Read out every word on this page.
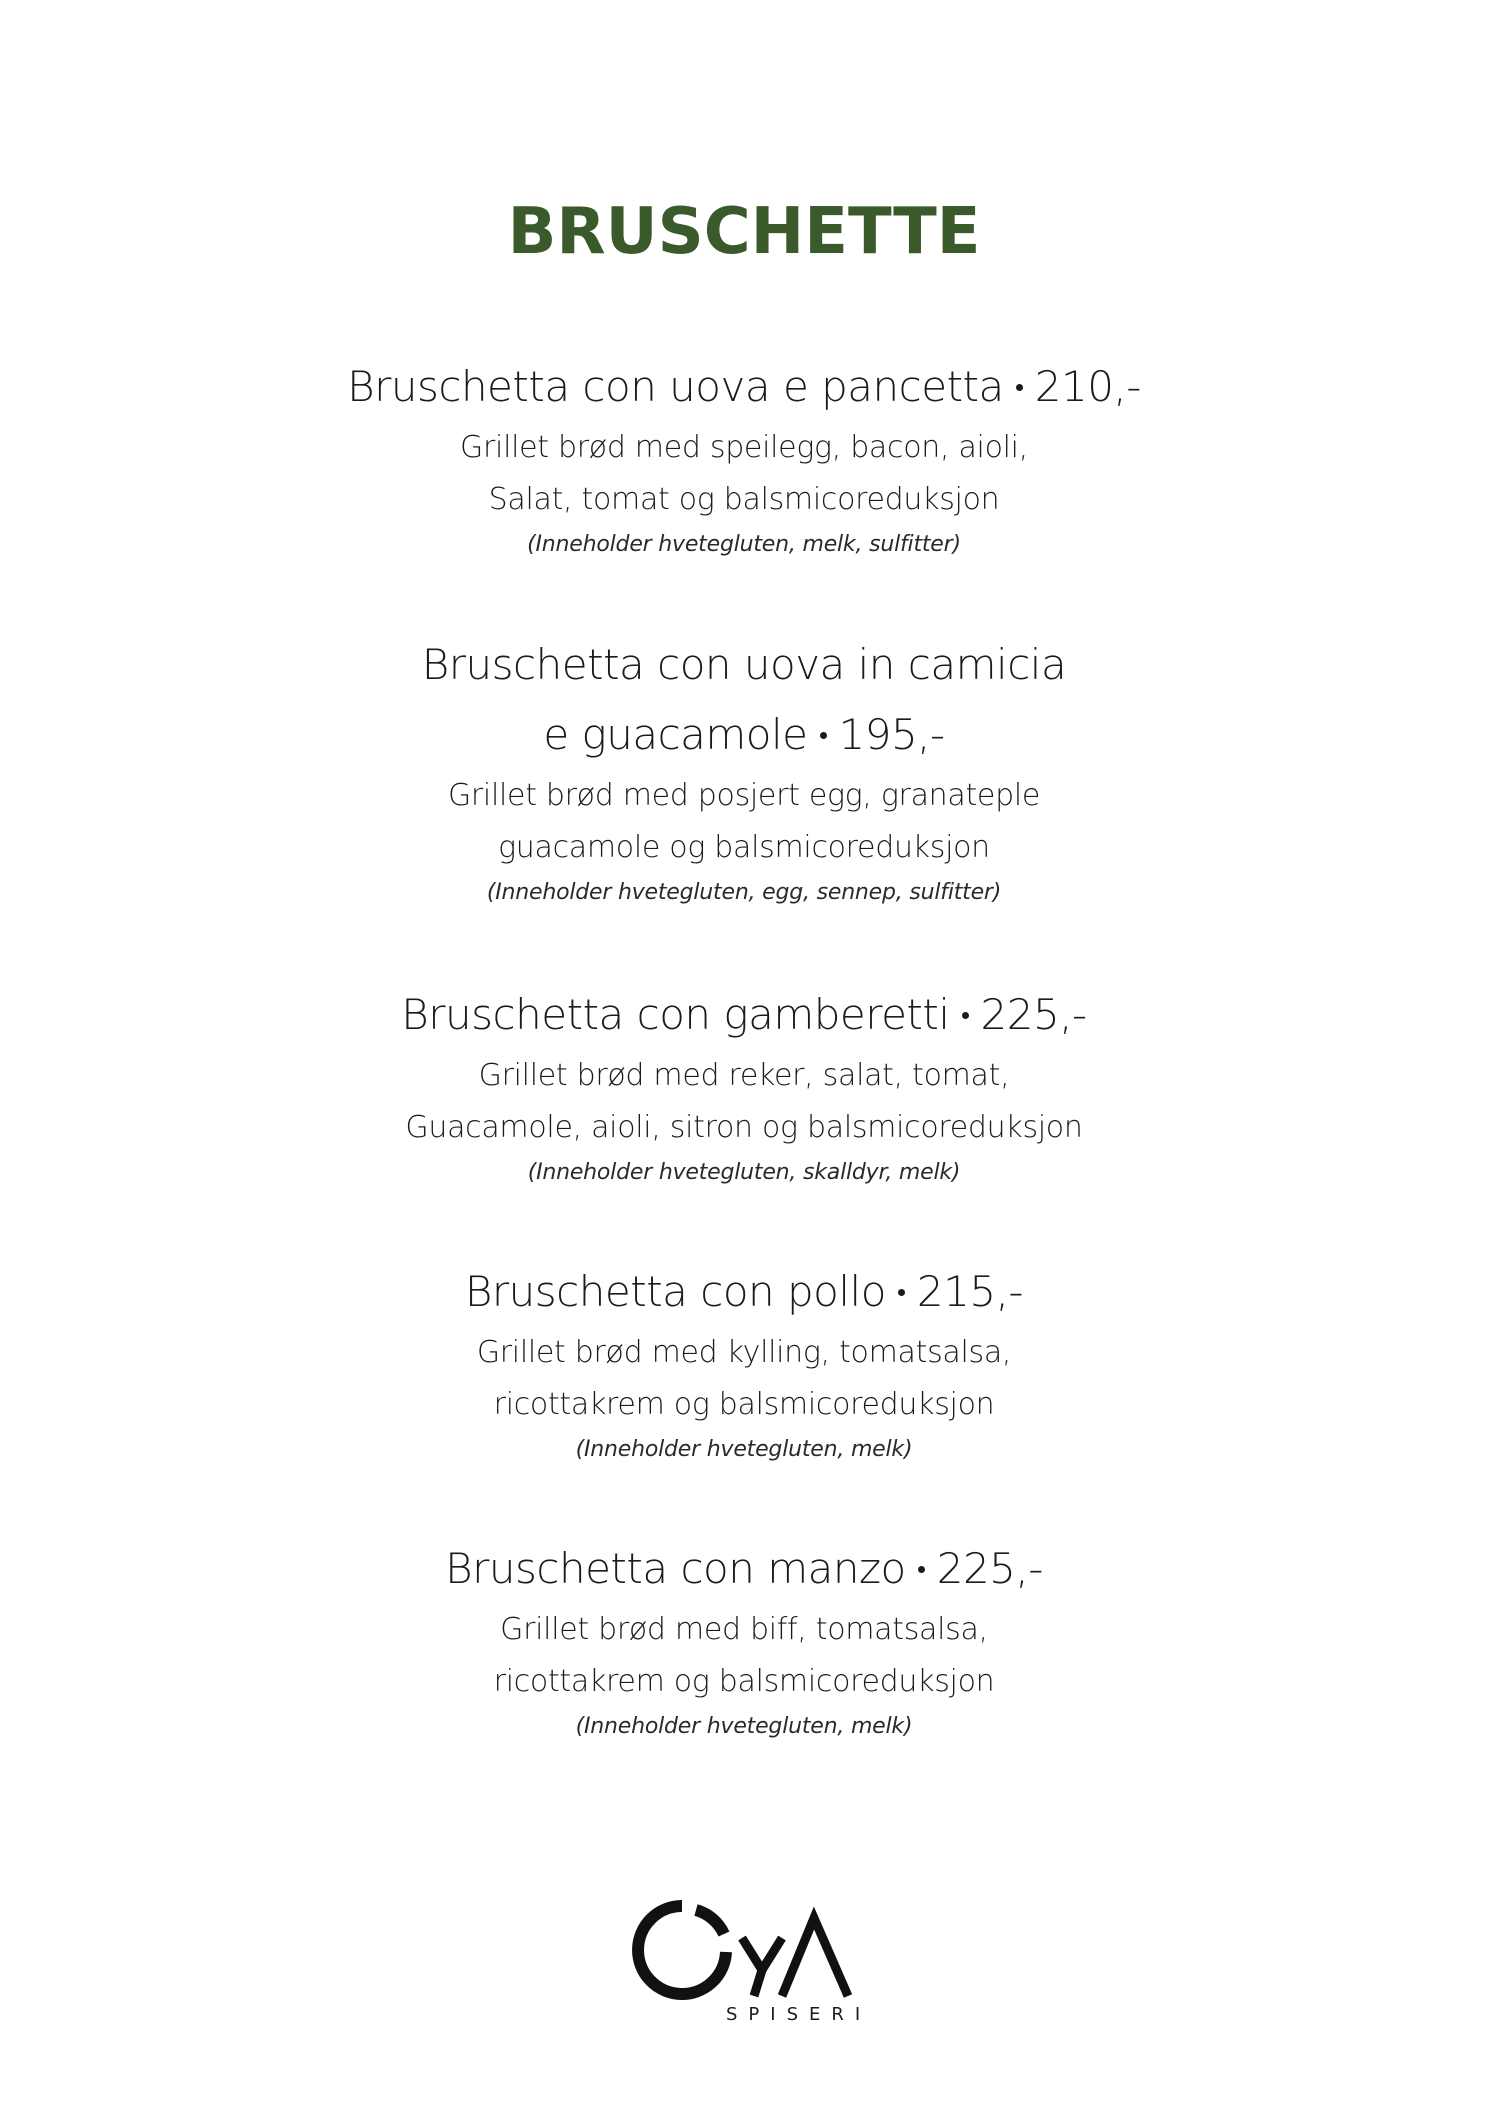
BRUSCHETTE
Bruschetta con uova e pancetta 210,-
Grillet brød med speilegg, bacon, aioli,
Salat, tomat og balsmicoreduksjon
(Inneholder hvetegluten, melk, sulfitter)
Bruschetta con uova in camicia
e guacamole 195,-
Grillet brød med posjert egg, granateple
guacamole og balsmicoreduksjon
(Inneholder hvetegluten, egg, sennep, sulfitter)
Bruschetta con gamberetti 225,-
Grillet brød med reker, salat, tomat,
Guacamole, aioli, sitron og balsmicoreduksjon
(Inneholder hvetegluten, skalldyr, melk)
Bruschetta con pollo 215,-
Grillet brød med kylling, tomatsalsa,
ricottakrem og balsmicoreduksjon
(Inneholder hvetegluten, melk)
Bruschetta con manzo 225,-
Grillet brød med biff, tomatsalsa,
ricottakrem og balsmicoreduksjon
(Inneholder hvetegluten, melk)
SPISERI
